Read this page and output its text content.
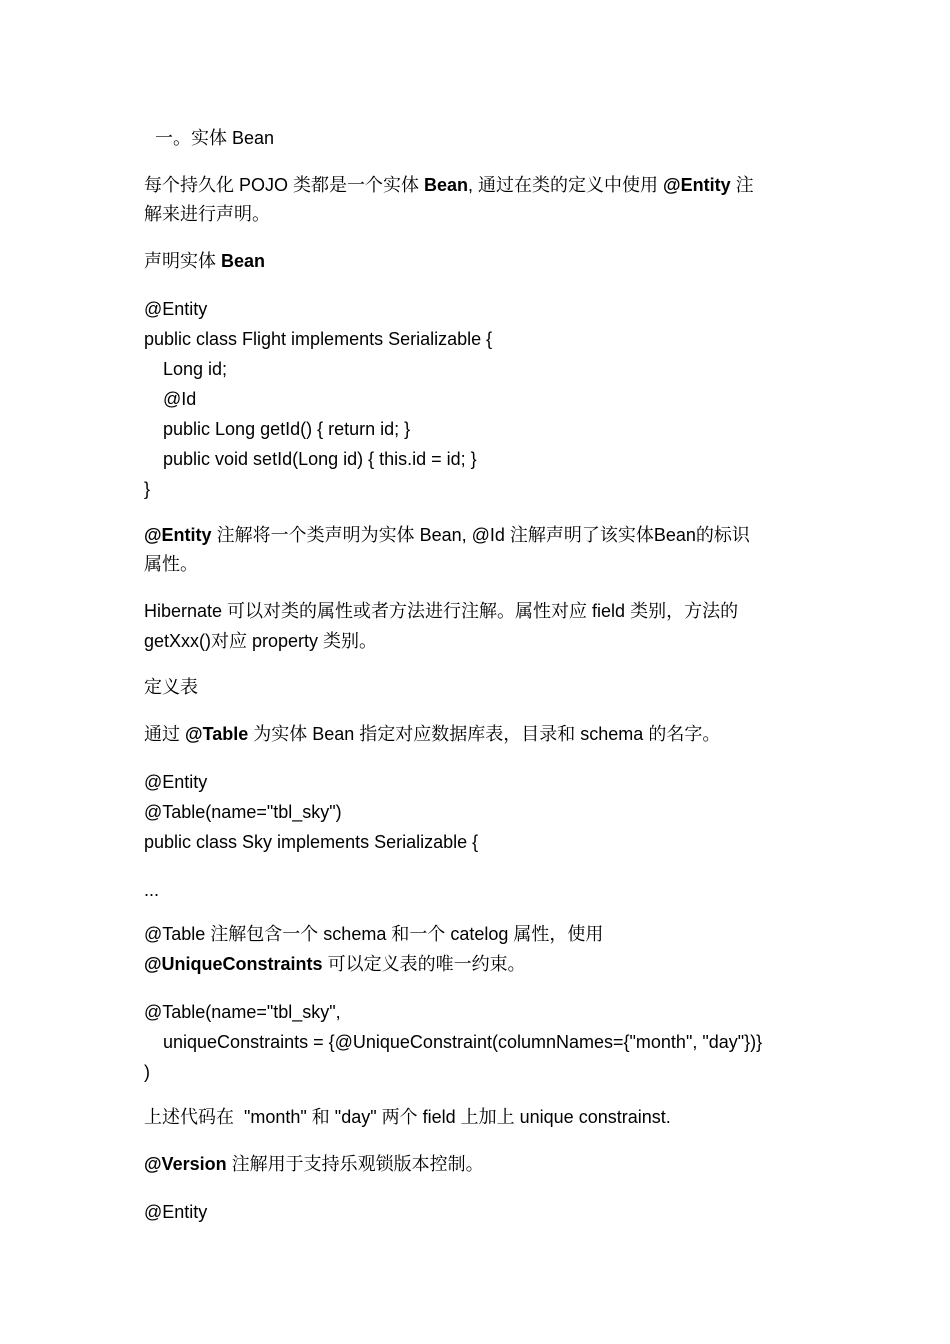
一。实体 Bean
每个持久化 POJO 类都是一个实体 Bean, 通过在类的定义中使用 @Entity 注
解来进行声明。
声明实体 Bean
@Entity
public class Flight implements Serializable {
Long id;
@Id
public Long getId() { return id; }
public void setId(Long id) { this.id = id; }
}
@Entity 注解将一个类声明为实体 Bean, @Id 注解声明了该实体Bean的标识
属性。
Hibernate 可以对类的属性或者方法进行注解。属性对应 field 类别，方法的
getXxx()对应 property 类别。
定义表
通过 @Table 为实体 Bean 指定对应数据库表，目录和 schema 的名字。
@Entity
@Table(name="tbl_sky")
public class Sky implements Serializable {
...
@Table 注解包含一个 schema 和一个 catelog 属性，使用
@UniqueConstraints 可以定义表的唯一约束。
@Table(name="tbl_sky",
uniqueConstraints = {@UniqueConstraint(columnNames={"month", "day"})}
)
上述代码在  "month" 和 "day" 两个 field 上加上 unique constrainst.
@Version 注解用于支持乐观锁版本控制。
@Entity
